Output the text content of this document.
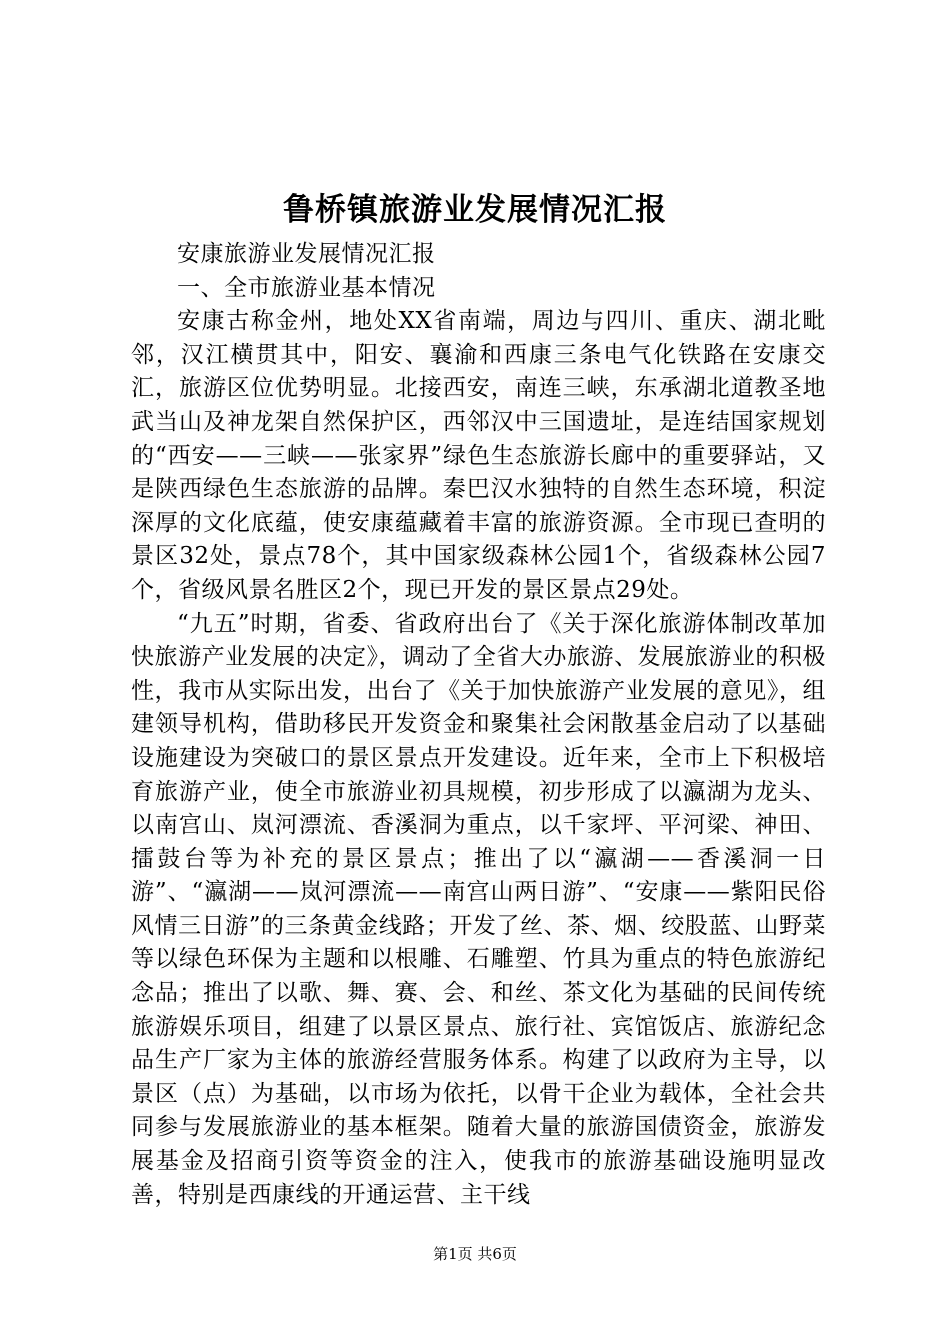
鲁桥镇旅游业发展情况汇报

安康旅游业发展情况汇报

一、全市旅游业基本情况

安康古称金州，地处XX省南端，周边与四川、重庆、湖北毗邻，汉江横贯其中，阳安、襄渝和西康三条电气化铁路在安康交汇，旅游区位优势明显。北接西安，南连三峡，东承湖北道教圣地武当山及神龙架自然保护区，西邻汉中三国遗址，是连结国家规划的“西安——三峡——张家界”绿色生态旅游长廊中的重要驿站，又是陕西绿色生态旅游的品牌。秦巴汉水独特的自然生态环境，积淀深厚的文化底蕴，使安康蕴藏着丰富的旅游资源。全市现已查明的景区32处，景点78个，其中国家级森林公园1个，省级森林公园7个，省级风景名胜区2个，现已开发的景区景点29处。

“九五”时期，省委、省政府出台了《关于深化旅游体制改革加快旅游产业发展的决定》，调动了全省大办旅游、发展旅游业的积极性，我市从实际出发，出台了《关于加快旅游产业发展的意见》，组建领导机构，借助移民开发资金和聚集社会闲散基金启动了以基础设施建设为突破口的景区景点开发建设。近年来，全市上下积极培育旅游产业，使全市旅游业初具规模，初步形成了以瀛湖为龙头、以南宫山、岚河漂流、香溪洞为重点，以千家坪、平河梁、神田、擂鼓台等为补充的景区景点；推出了以“瀛湖——香溪洞一日游”、“瀛湖——岚河漂流——南宫山两日游”、“安康——紫阳民俗风情三日游”的三条黄金线路；开发了丝、茶、烟、绞股蓝、山野菜等以绿色环保为主题和以根雕、石雕塑、竹具为重点的特色旅游纪念品；推出了以歌、舞、赛、会、和丝、茶文化为基础的民间传统旅游娱乐项目，组建了以景区景点、旅行社、宾馆饭店、旅游纪念品生产厂家为主体的旅游经营服务体系。构建了以政府为主导，以景区（点）为基础，以市场为依托，以骨干企业为载体，全社会共同参与发展旅游业的基本框架。随着大量的旅游国债资金，旅游发展基金及招商引资等资金的注入，使我市的旅游基础设施明显改善，特别是西康线的开通运营、主干线

第1页 共6页
